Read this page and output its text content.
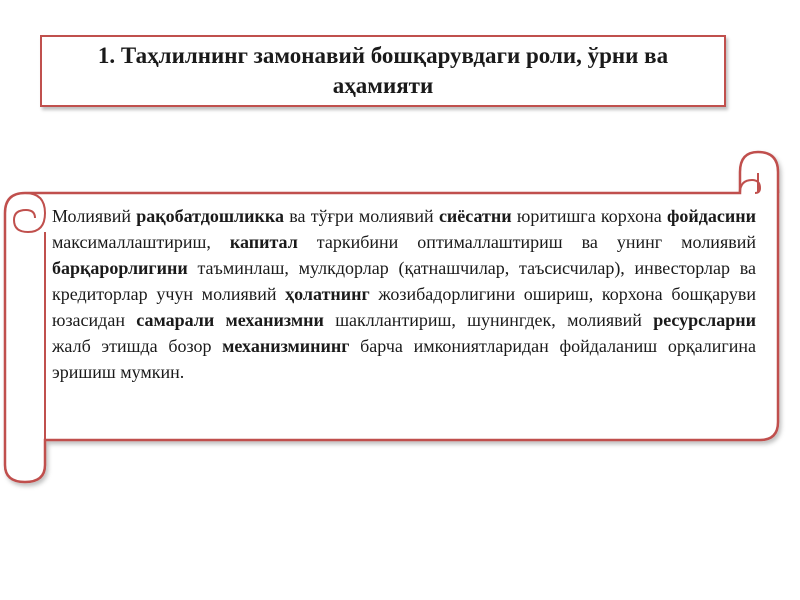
1. Таҳлилнинг замонавий бошқарувдаги роли, ўрни ва аҳамияти

Молиявий рақобатдошликка ва тўғри молиявий сиёсатни юритишга корхона фойдасини максималлаштириш, капитал таркибини оптималлаштириш ва унинг молиявий барқарорлигини таъминлаш, мулкдорлар (қатнашчилар, таъсисчилар), инвесторлар ва кредиторлар учун молиявий ҳолатнинг жозибадорлигини ошириш, корхона бошқаруви юзасидан самарали механизмни шакллантириш, шунингдек, молиявий ресурсларни жалб этишда бозор механизмининг барча имкониятларидан фойдаланиш орқалигина эришиш мумкин.
